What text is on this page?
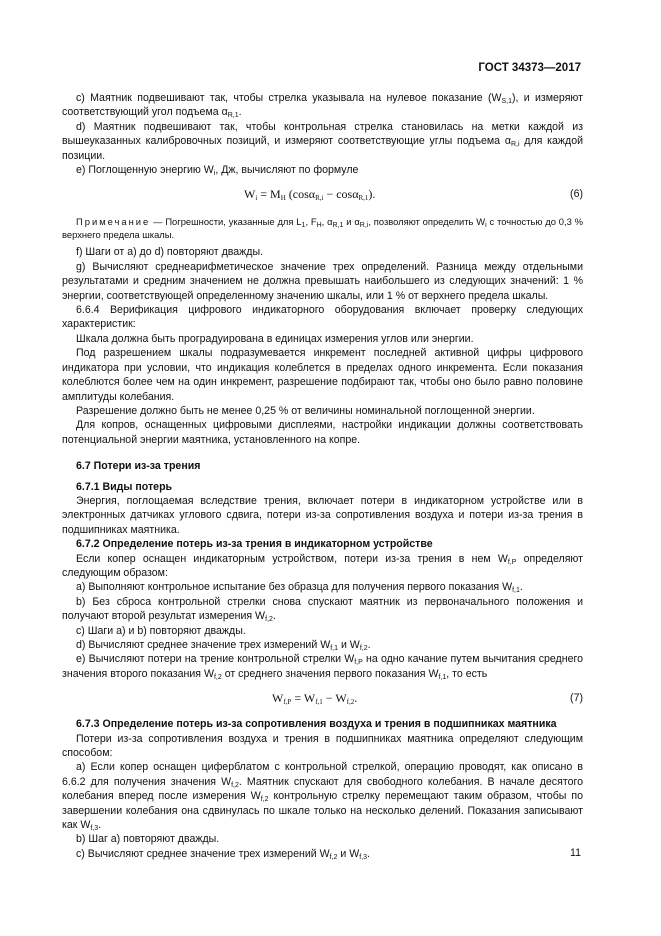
ГОСТ 34373—2017

c) Маятник подвешивают так, чтобы стрелка указывала на нулевое показание $(W_{S,1})$, и измеряют соответствующий угол подъема $\alpha_{R,1}$.

d) Маятник подвешивают так, чтобы контрольная стрелка становилась на метки каждой из вышеуказанных калибровочных позиций, и измеряют соответствующие углы подъема $\alpha_{R,i}$ для каждой позиции.

e) Поглощенную энергию $W_i$, Дж, вычисляют по формуле

$W_i = M_H$ (cosα$_{R,i}$ − cosα$_{R,1}$).	(6)

Примечание — Погрешности, указанные для $L_1$, $F_H$, $\alpha_{R,1}$ и $\alpha_{R,i}$, позволяют определить $W_i$ с точностью до 0,3 % верхнего предела шкалы.

f) Шаги от a) до d) повторяют дважды.

g) Вычисляют среднеарифметическое значение трех определений. Разница между отдельными результатами и средним значением не должна превышать наибольшего из следующих значений: 1 % энергии, соответствующей определенному значению шкалы, или 1 % от верхнего предела шкалы.

6.6.4 Верификация цифрового индикаторного оборудования включает проверку следующих характеристик:

Шкала должна быть проградуирована в единицах измерения углов или энергии.

Под разрешением шкалы подразумевается инкремент последней активной цифры цифрового индикатора при условии, что индикация колеблется в пределах одного инкремента. Если показания колеблются более чем на один инкремент, разрешение подбирают так, чтобы оно было равно половине амплитуды колебания.

Разрешение должно быть не менее 0,25 % от величины номинальной поглощенной энергии.

Для копров, оснащенных цифровыми дисплеями, настройки индикации должны соответствовать потенциальной энергии маятника, установленного на копре.

6.7 Потери из-за трения

6.7.1 Виды потерь

Энергия, поглощаемая вследствие трения, включает потери в индикаторном устройстве или в электронных датчиках углового сдвига, потери из-за сопротивления воздуха и потери из-за трения в подшипниках маятника.

6.7.2 Определение потерь из-за трения в индикаторном устройстве

Если копер оснащен индикаторным устройством, потери из-за трения в нем $W_{f,P}$ определяют следующим образом:

a) Выполняют контрольное испытание без образца для получения первого показания $W_{f,1}$.

b) Без сброса контрольной стрелки снова спускают маятник из первоначального положения и получают второй результат измерения $W_{f,2}$.

c) Шаги a) и b) повторяют дважды.

d) Вычисляют среднее значение трех измерений $W_{f,1}$ и $W_{f,2}$.

e) Вычисляют потери на трение контрольной стрелки $W_{f,P}$ на одно качание путем вычитания среднего значения второго показания $W_{f,2}$ от среднего значения первого показания $W_{f,1}$, то есть

$W_{f,P} = W_{f,1} - W_{f,2}$.	(7)

6.7.3 Определение потерь из-за сопротивления воздуха и трения в подшипниках маятника

Потери из-за сопротивления воздуха и трения в подшипниках маятника определяют следующим способом:

a) Если копер оснащен циферблатом с контрольной стрелкой, операцию проводят, как описано в 6.6.2 для получения значения $W_{f,2}$. Маятник спускают для свободного колебания. В начале десятого колебания вперед после измерения $W_{f,2}$ контрольную стрелку перемещают таким образом, чтобы по завершении колебания она сдвинулась по шкале только на несколько делений. Показания записывают как $W_{f,3}$.

b) Шаг a) повторяют дважды.

c) Вычисляют среднее значение трех измерений $W_{f,2}$ и $W_{f,3}$.	11
